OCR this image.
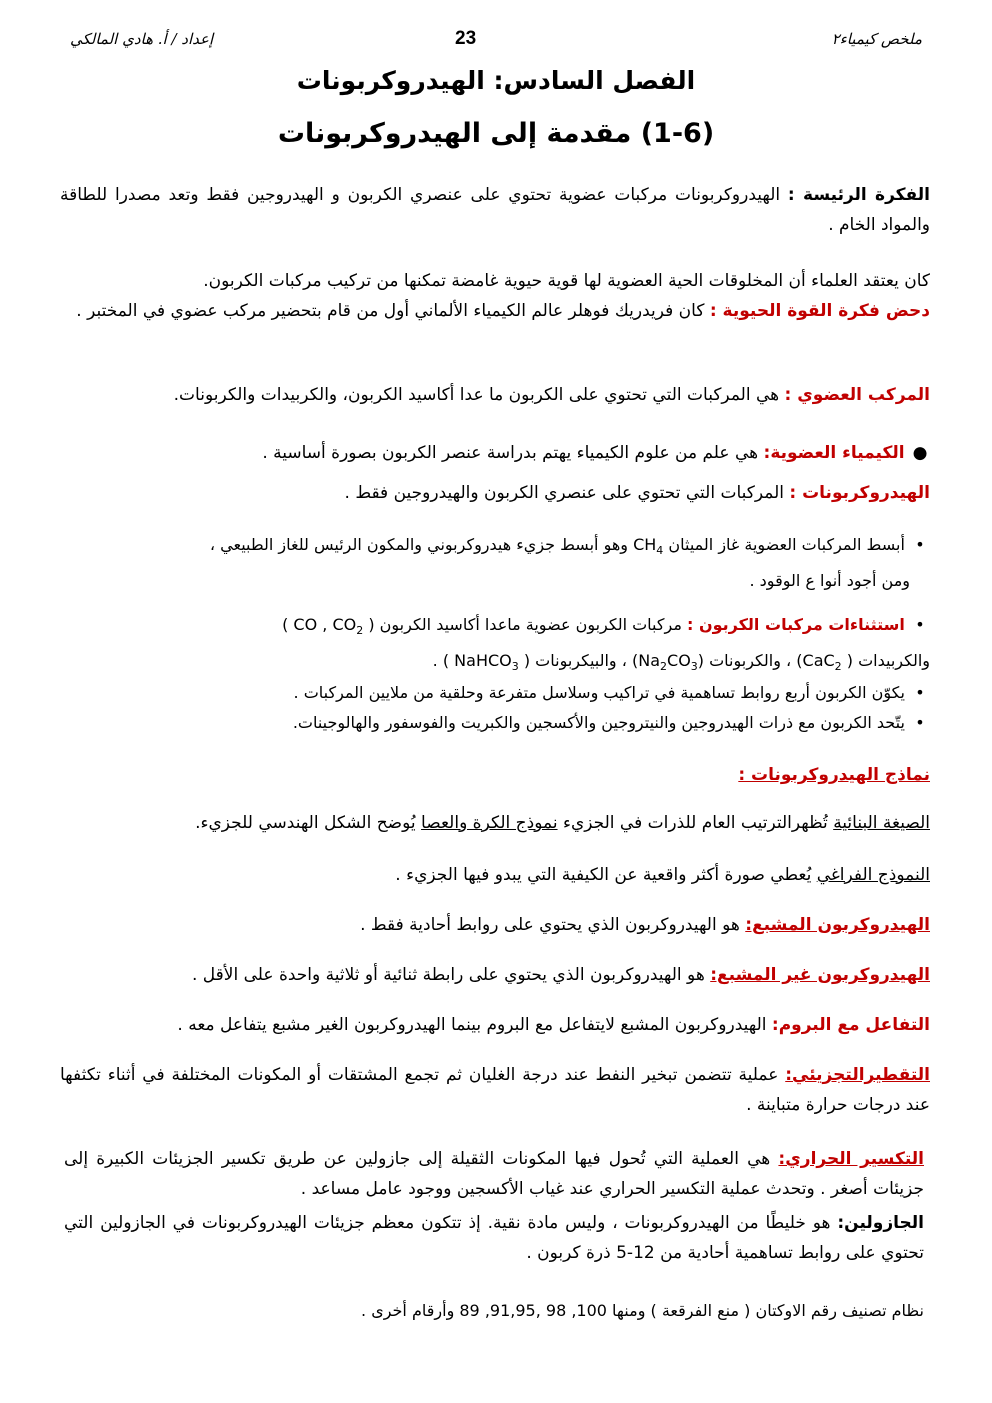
ملخص كيمياء٢
23
إعداد / أ. هادي المالكي
الفصل السادس: الهيدروكربونات
(1-6) مقدمة إلى الهيدروكربونات
الفكرة الرئيسة : الهيدروكربونات مركبات عضوية تحتوي على عنصري الكربون و الهيدروجين فقط وتعد مصدرا للطاقة والمواد الخام .
كان يعتقد العلماء أن المخلوقات الحية العضوية لها قوية حيوية غامضة تمكنها من تركيب مركبات الكربون.
دحض فكرة القوة الحيوية : كان فريدريك فوهلر عالم الكيمياء الألماني أول من قام بتحضير مركب عضوي في المختبر .
المركب العضوي : هي المركبات التي تحتوي على الكربون ما عدا أكاسيد الكربون، والكربيدات والكربونات.
● الكيمياء العضوية: هي علم من علوم الكيمياء يهتم بدراسة عنصر الكربون بصورة أساسية .
الهيدروكربونات : المركبات التي تحتوي على عنصري الكربون والهيدروجين فقط .
• أبسط المركبات العضوية غاز الميثان $CH_4$ وهو أبسط جزيء هيدروكربوني والمكون الرئيس للغاز الطبيعي ،
ومن أجود أنوا ع الوقود .
• استثناءات مركبات الكربون : مركبات الكربون عضوية ماعدا أكاسيد الكربون ( CO , $CO_2$ )
والكربيدات ( CaC$_2$) ، والكربونات $(Na_2CO_3)$ ، والبيكربونات ( NaHCO$_3$ ) .
• يكوّن الكربون أربع روابط تساهمية في تراكيب وسلاسل متفرعة وحلقية من ملايين المركبات .
• يتّحد الكربون مع ذرات الهيدروجين والنيتروجين والأكسجين والكبريت والفوسفور والهالوجينات.
نماذج الهيدروكربونات :
الصيغة البنائية تُظهرالترتيب العام للذرات في الجزيء نموذج الكرة والعصا يُوضح الشكل الهندسي للجزيء.
النموذج الفراغي يُعطي صورة أكثر واقعية عن الكيفية التي يبدو فيها الجزيء .
الهيدروكربون المشبع: هو الهيدروكربون الذي يحتوي على روابط أحادية فقط .
الهيدروكربون غير المشبع: هو الهيدروكربون الذي يحتوي على رابطة ثنائية أو ثلاثية واحدة على الأقل .
التفاعل مع البروم: الهيدروكربون المشبع لايتفاعل مع البروم بينما الهيدروكربون الغير مشبع يتفاعل معه .
التقطيرالتجزيئي: عملية تتضمن تبخير النفط عند درجة الغليان ثم تجمع المشتقات أو المكونات المختلفة في أثناء تكثفها عند درجات حرارة متباينة .
التكسير الحراري: هي العملية التي تُحول فيها المكونات الثقيلة إلى جازولين عن طريق تكسير الجزيئات الكبيرة إلى جزيئات أصغر . وتحدث عملية التكسير الحراري عند غياب الأكسجين ووجود عامل مساعد .
الجازولين: هو خليطًا من الهيدروكربونات ، وليس مادة نقية. إذ تتكون معظم جزيئات الهيدروكربونات في الجازولين التي تحتوي على روابط تساهمية أحادية من 12-5 ذرة كربون .
نظام تصنيف رقم الاوكتان ( منع الفرقعة ) ومنها 100, 98 ,91,95, 89 وأرقام أخرى .
